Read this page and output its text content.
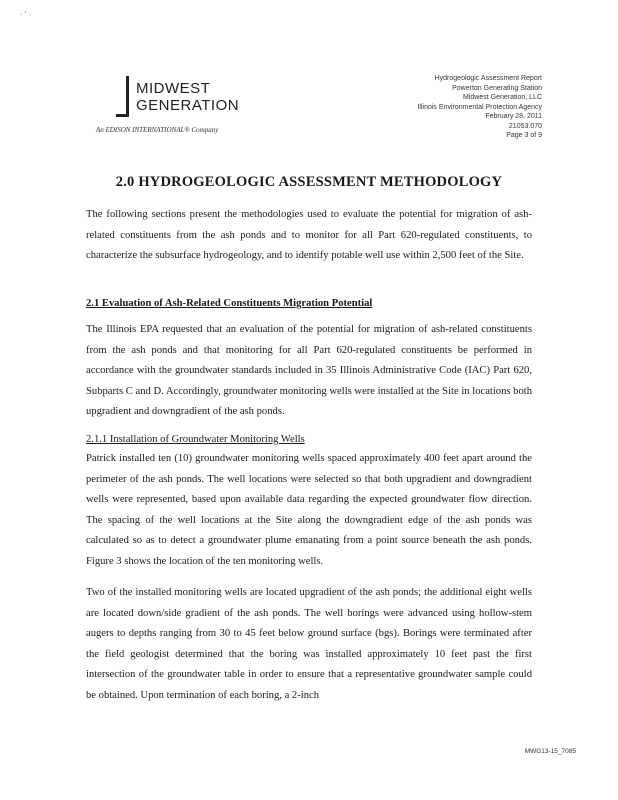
· ' ·
MIDWEST
GENERATION
An EDISON INTERNATIONAL® Company
Hydrogeologic Assessment Report
Powerton Generating Station
Midwest Generation, LLC
Illinois Environmental Protection Agency
February 28, 2011
21053.070
Page 3 of 9
2.0 HYDROGEOLOGIC ASSESSMENT METHODOLOGY
The following sections present the methodologies used to evaluate the potential for migration of ash-related constituents from the ash ponds and to monitor for all Part 620-regulated constituents, to characterize the subsurface hydrogeology, and to identify potable well use within 2,500 feet of the Site.
2.1 Evaluation of Ash-Related Constituents Migration Potential
The Illinois EPA requested that an evaluation of the potential for migration of ash-related constituents from the ash ponds and that monitoring for all Part 620-regulated constituents be performed in accordance with the groundwater standards included in 35 Illinois Administrative Code (IAC) Part 620, Subparts C and D. Accordingly, groundwater monitoring wells were installed at the Site in locations both upgradient and downgradient of the ash ponds.
2.1.1 Installation of Groundwater Monitoring Wells
Patrick installed ten (10) groundwater monitoring wells spaced approximately 400 feet apart around the perimeter of the ash ponds. The well locations were selected so that both upgradient and downgradient wells were represented, based upon available data regarding the expected groundwater flow direction. The spacing of the well locations at the Site along the downgradient edge of the ash ponds was calculated so as to detect a groundwater plume emanating from a point source beneath the ash ponds. Figure 3 shows the location of the ten monitoring wells.
Two of the installed monitoring wells are located upgradient of the ash ponds; the additional eight wells are located down/side gradient of the ash ponds. The well borings were advanced using hollow-stem augers to depths ranging from 30 to 45 feet below ground surface (bgs). Borings were terminated after the field geologist determined that the boring was installed approximately 10 feet past the first intersection of the groundwater table in order to ensure that a representative groundwater sample could be obtained. Upon termination of each boring, a 2-inch
MWG13-15_7085
